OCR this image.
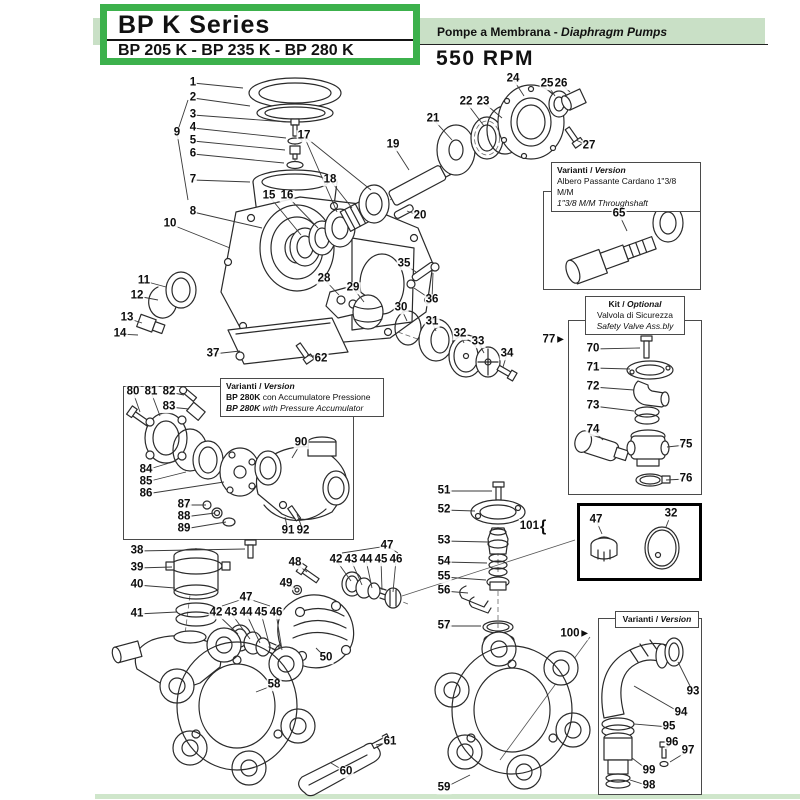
BP K Series
BP 205 K - BP 235 K - BP 280 K
Pompe a Membrana - Diaphragm Pumps
550 RPM
Varianti / Version
Albero Passante Cardano 1"3/8 M/M
1"3/8 M/M Throughshaft
Kit / Optional
Valvola di Sicurezza
Safety Valve Ass.bly
Varianti / Version
BP 280K con Accumulatore Pressione
BP 280K with Pressure Accumulator
Varianti / Version
1
2
3
4
5
6
7
8
9
10
11
12
13
14
15 16
17
18
19
20
21
22 23
24 25 26
27
28
29
30
31
32
33
34
35
36
37	62
38
39
40
41	42 43 44 45 46
47
48
49
50
42 43 44 45 46
47
51
52
53
54
55
56
57
58
59
60
61
65
70
71
72
73
74
75
76
77 ▶
80 81 82
83
84
85
86
87
88
89
90
91 92
93
94
95
96
97
99
98
100 ▶
101{	47	32
